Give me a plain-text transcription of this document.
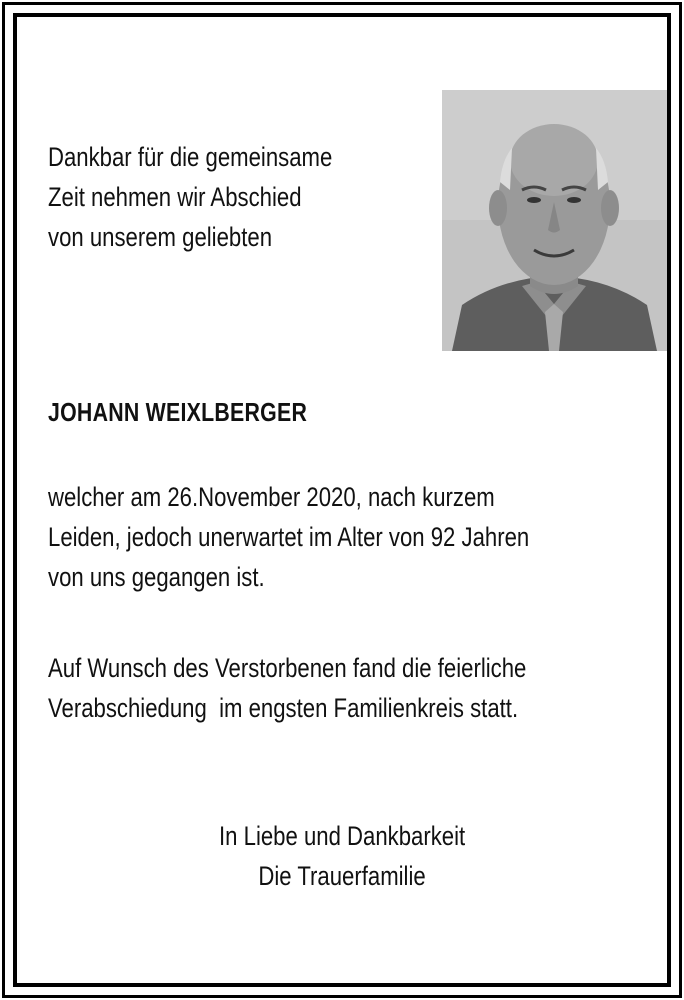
Dankbar für die gemeinsame
Zeit nehmen wir Abschied
von unserem geliebten
JOHANN WEIXLBERGER
welcher am 26.November 2020, nach kurzem
Leiden, jedoch unerwartet im Alter von 92 Jahren
von uns gegangen ist.
Auf Wunsch des Verstorbenen fand die feierliche
Verabschiedung  im engsten Familienkreis statt.
In Liebe und Dankbarkeit
Die Trauerfamilie
